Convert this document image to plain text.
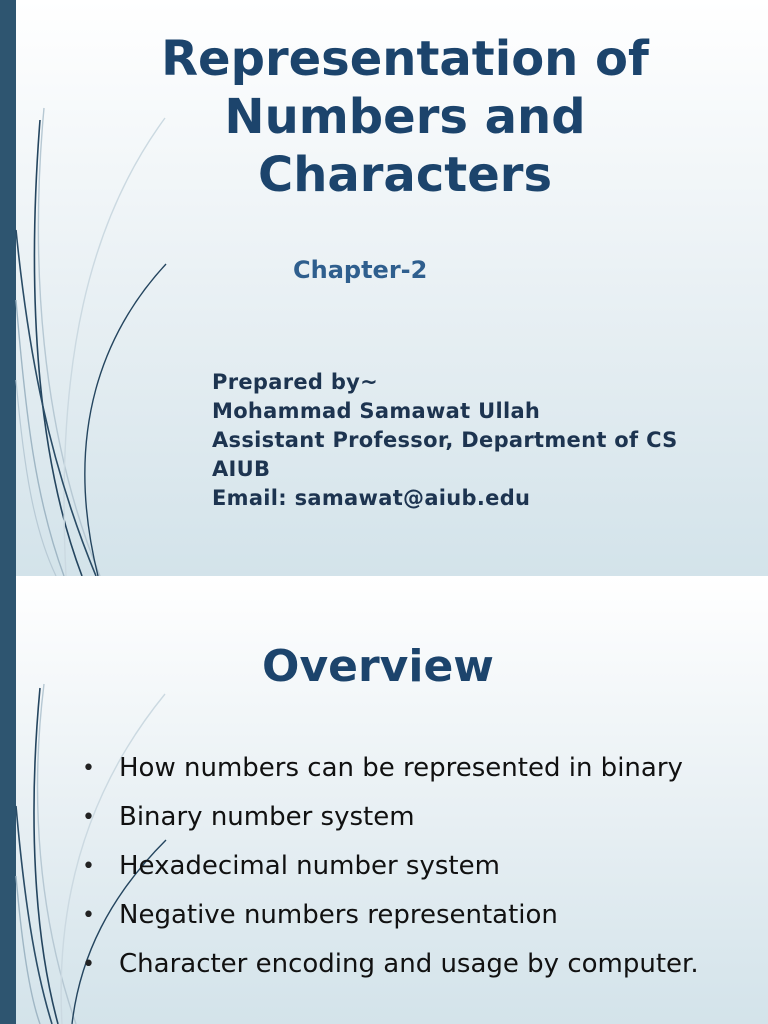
Representation of
Numbers and
Characters

Chapter-2

Prepared by~
Mohammad Samawat Ullah
Assistant Professor, Department of CS
AIUB
Email: samawat@aiub.edu
Overview
• How numbers can be represented in binary
• Binary number system
• Hexadecimal number system
• Negative numbers representation
• Character encoding and usage by computer.
